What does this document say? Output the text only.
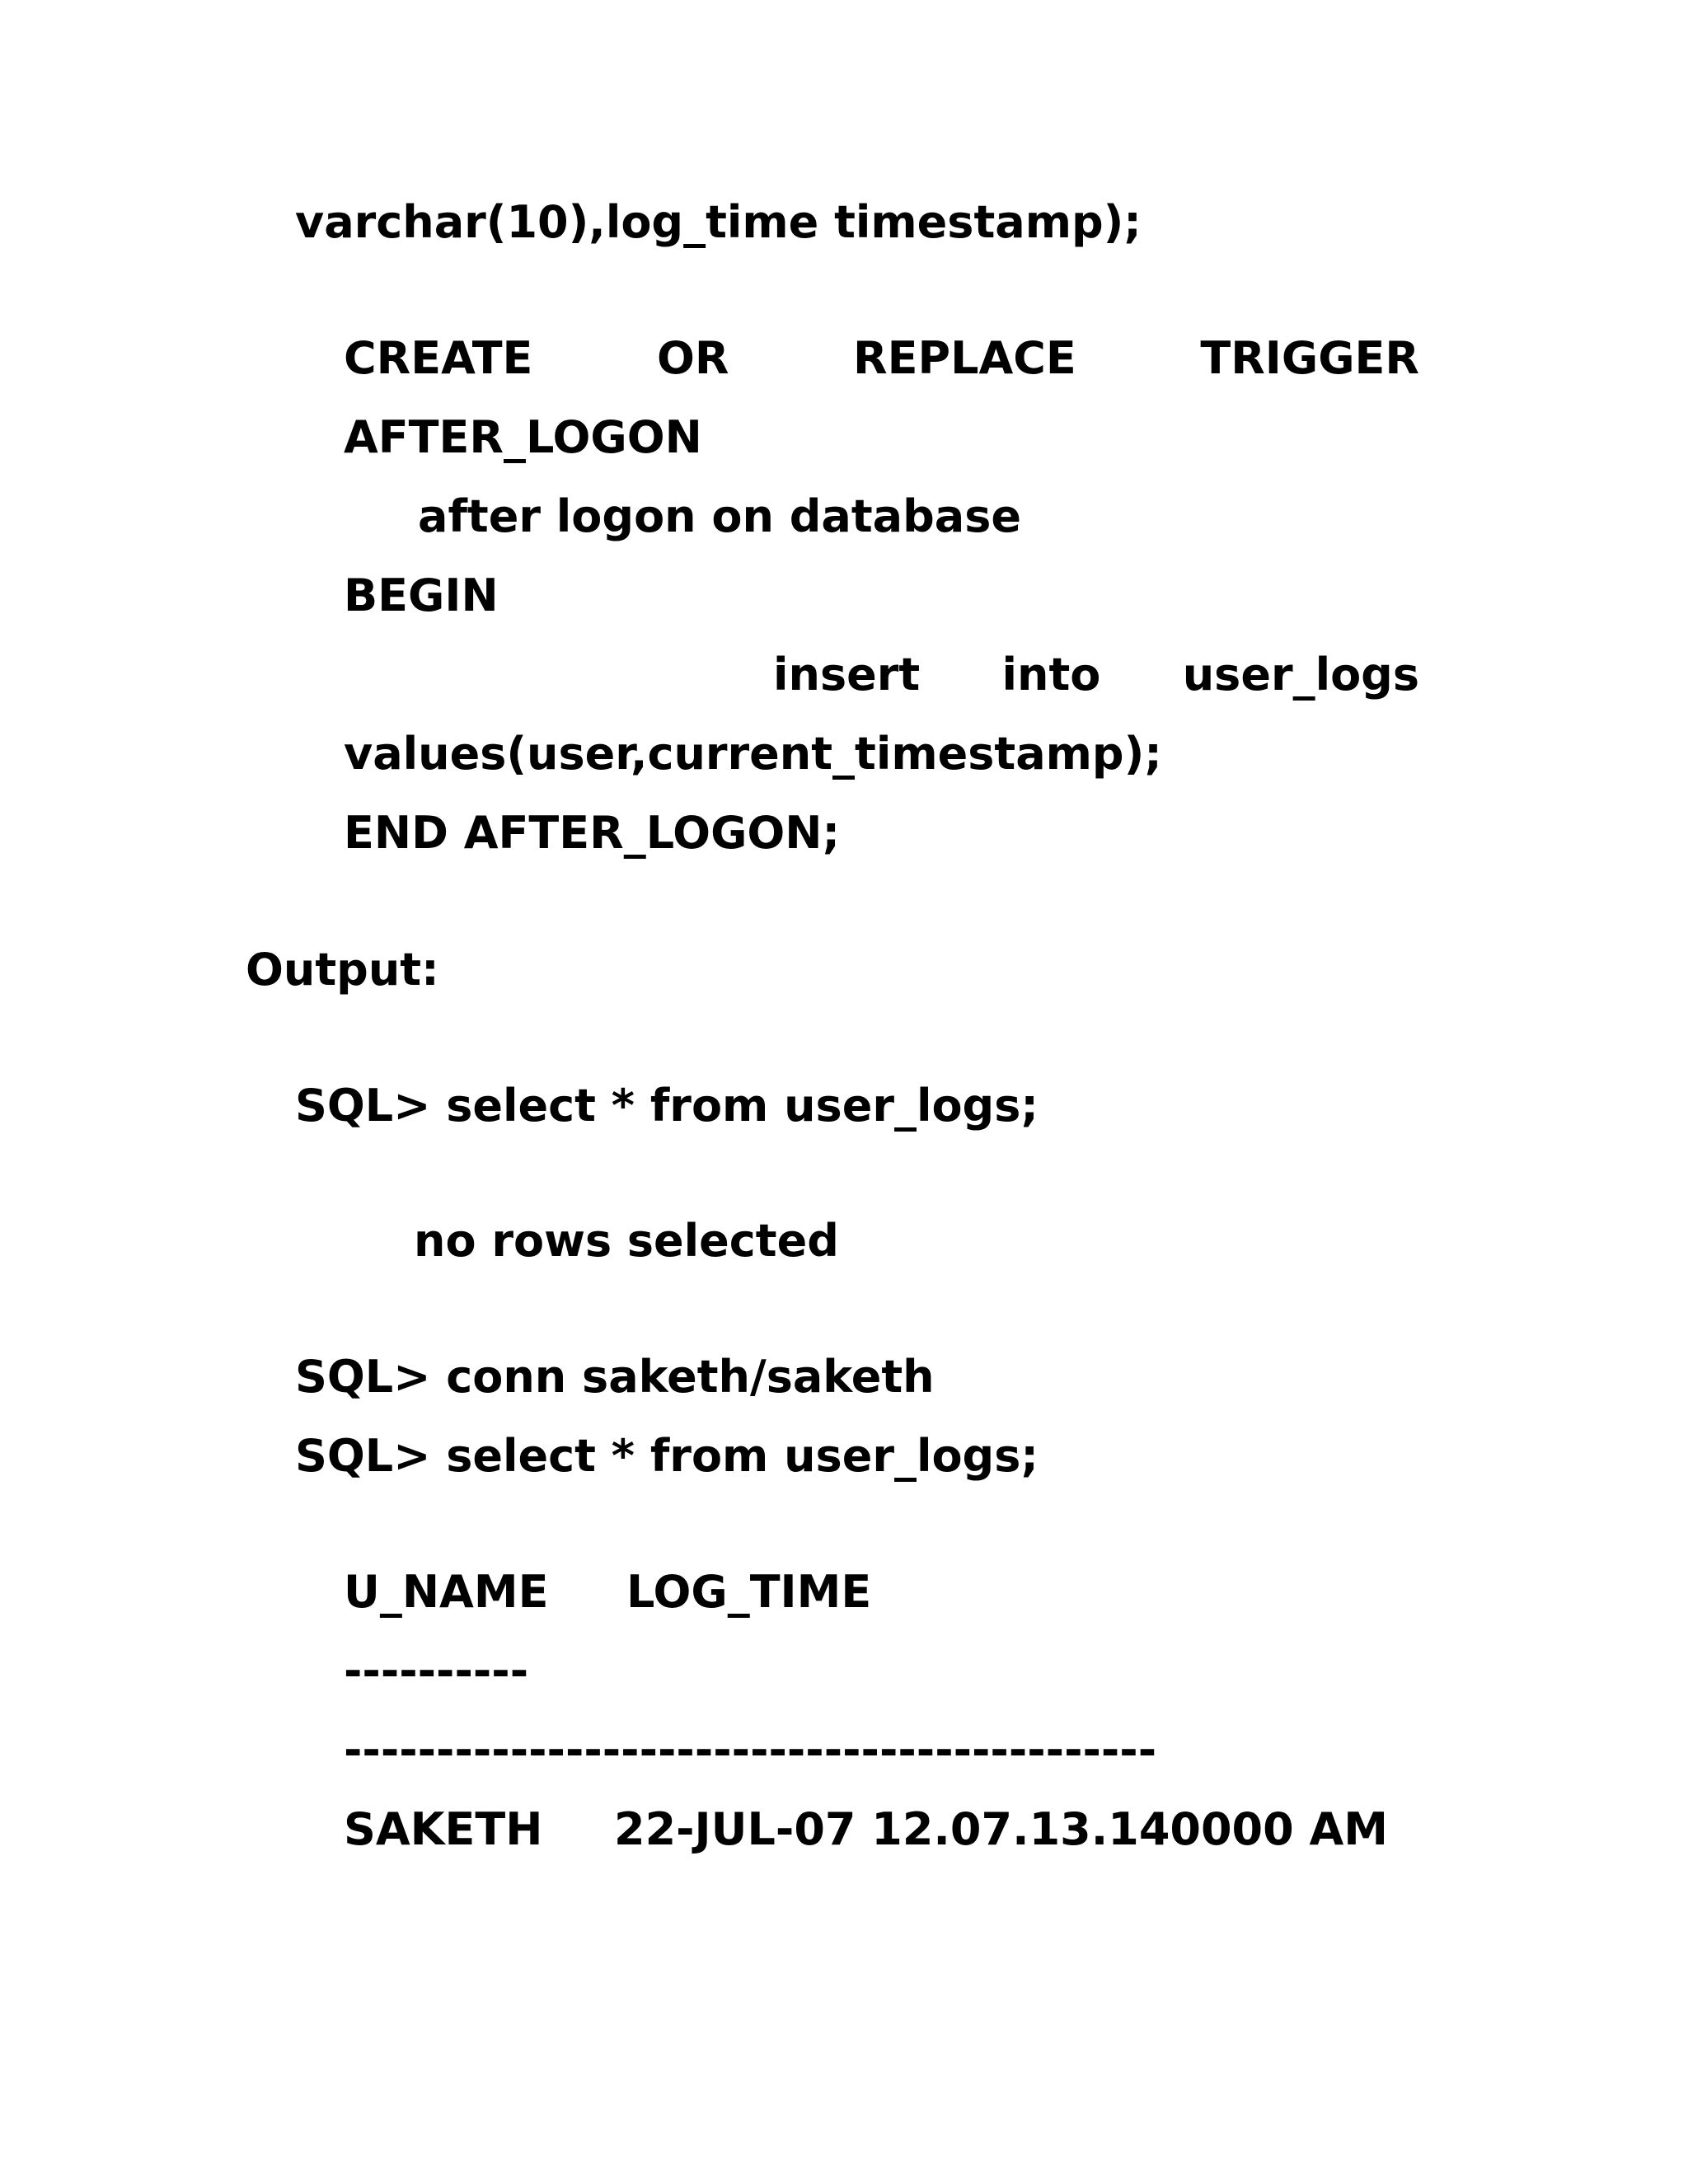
varchar(10),log_time timestamp);
CREATE	OR	REPLACE	TRIGGER
AFTER_LOGON
after logon on database
BEGIN
insert into user_logs
values(user,current_timestamp);
END AFTER_LOGON;
Output:
SQL> select * from user_logs;
no rows selected
SQL> conn saketh/saketh
SQL> select * from user_logs;
U_NAME LOG_TIME
----------
--------------------------------------------
SAKETH 22-JUL-07 12.07.13.140000 AM
